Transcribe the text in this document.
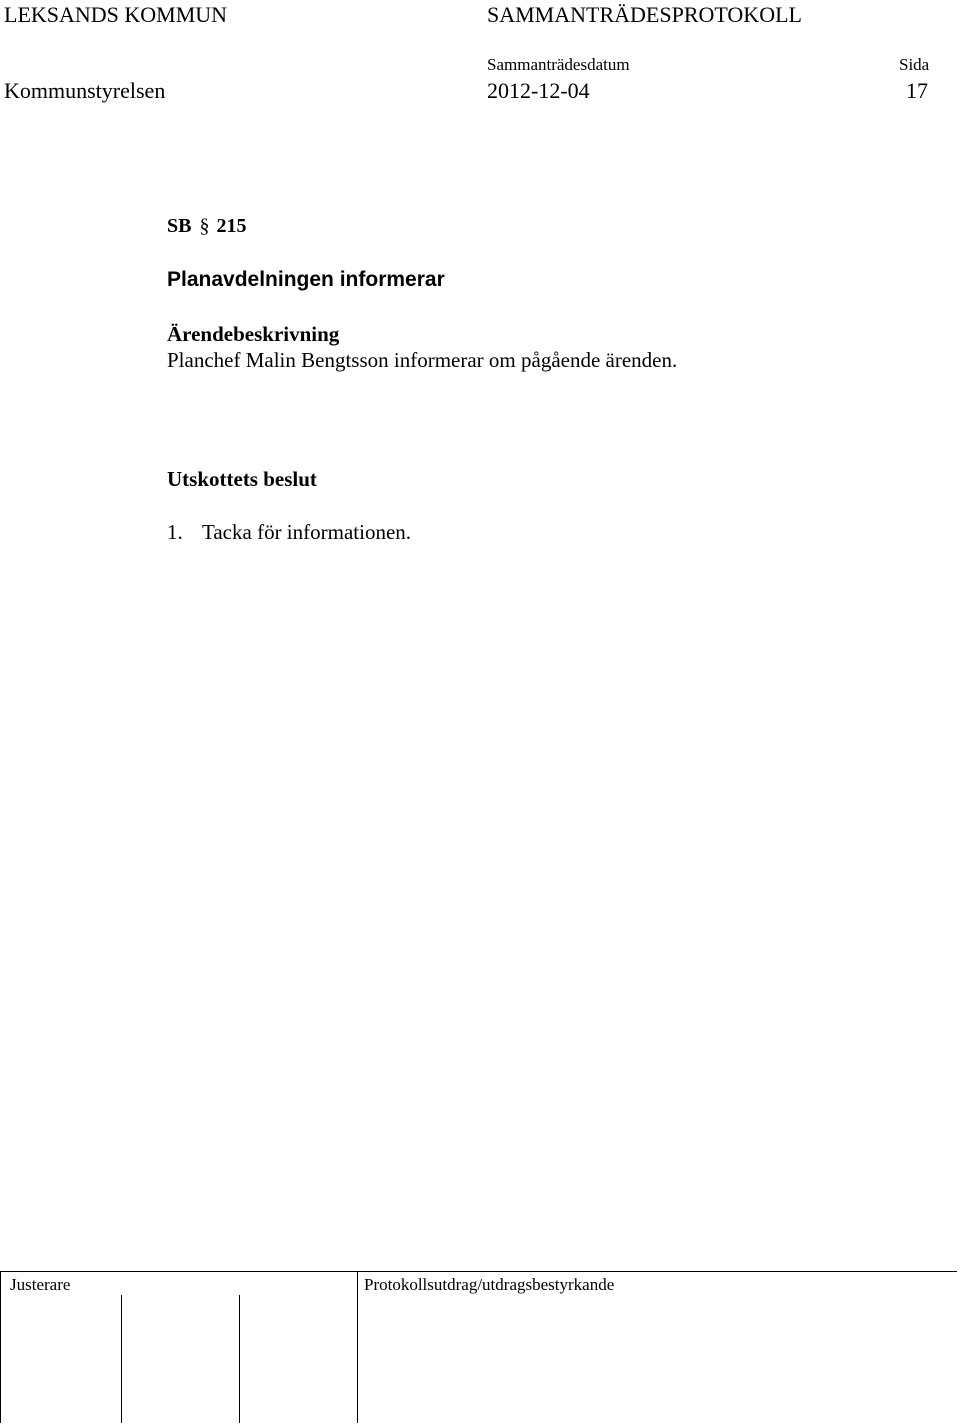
LEKSANDS KOMMUN	SAMMANTRÄDESPROTOKOLL
Sammanträdesdatum	Sida
Kommunstyrelsen	2012-12-04	17
SB § 215
Planavdelningen informerar
Ärendebeskrivning
Planchef Malin Bengtsson informerar om pågående ärenden.
Utskottets beslut
1. Tacka för informationen.
Justerare	Protokollsutdrag/utdragsbestyrkande
